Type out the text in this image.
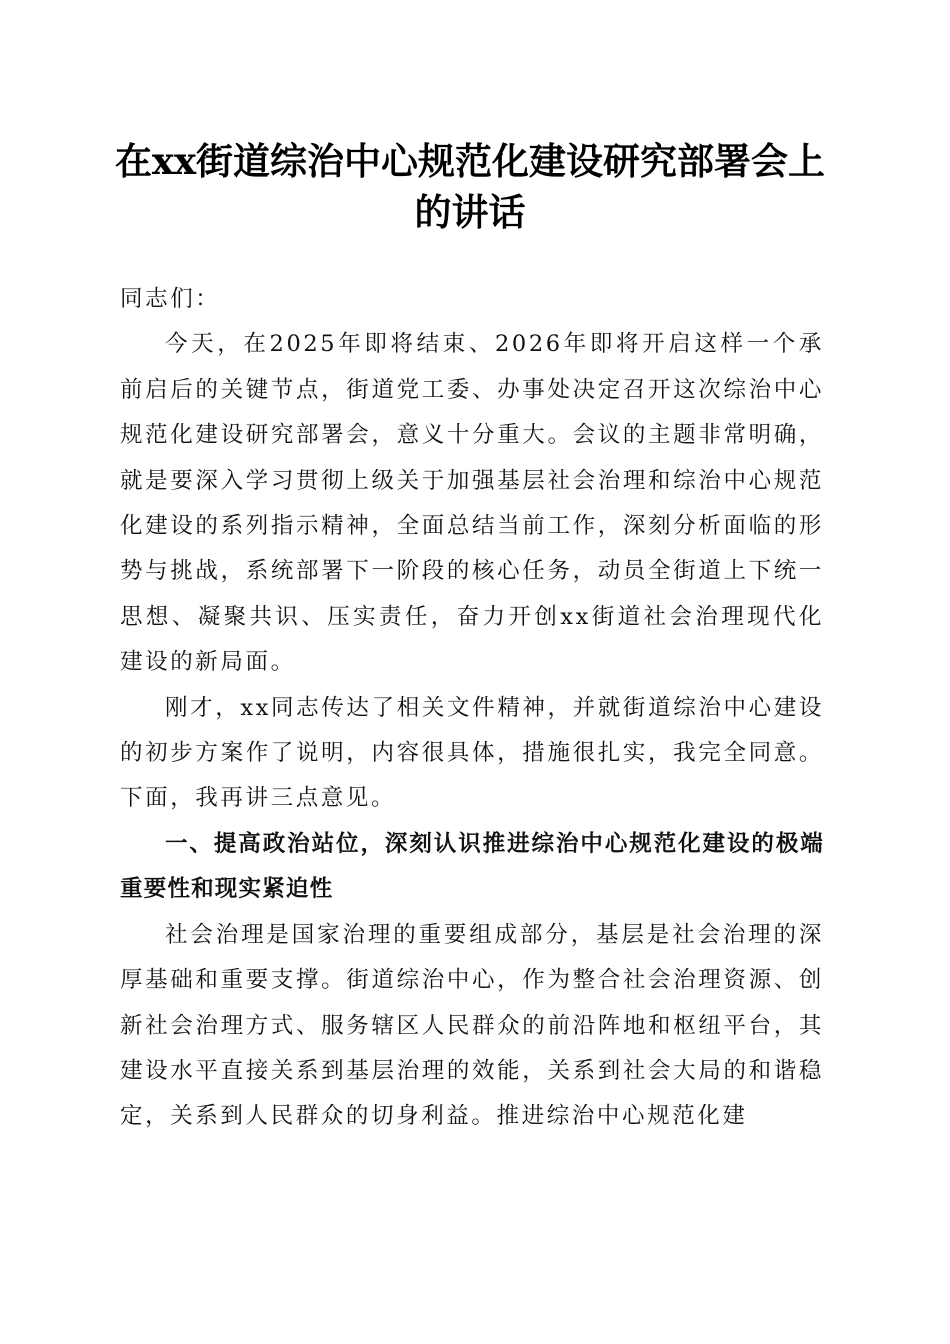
在xx街道综治中心规范化建设研究部署会上的讲话

同志们：

今天，在2025年即将结束、2026年即将开启这样一个承前启后的关键节点，街道党工委、办事处决定召开这次综治中心规范化建设研究部署会，意义十分重大。会议的主题非常明确，就是要深入学习贯彻上级关于加强基层社会治理和综治中心规范化建设的系列指示精神，全面总结当前工作，深刻分析面临的形势与挑战，系统部署下一阶段的核心任务，动员全街道上下统一思想、凝聚共识、压实责任，奋力开创xx街道社会治理现代化建设的新局面。

刚才，xx同志传达了相关文件精神，并就街道综治中心建设的初步方案作了说明，内容很具体，措施很扎实，我完全同意。下面，我再讲三点意见。

一、提高政治站位，深刻认识推进综治中心规范化建设的极端重要性和现实紧迫性

社会治理是国家治理的重要组成部分，基层是社会治理的深厚基础和重要支撑。街道综治中心，作为整合社会治理资源、创新社会治理方式、服务辖区人民群众的前沿阵地和枢纽平台，其建设水平直接关系到基层治理的效能，关系到社会大局的和谐稳定，关系到人民群众的切身利益。推进综治中心规范化建
